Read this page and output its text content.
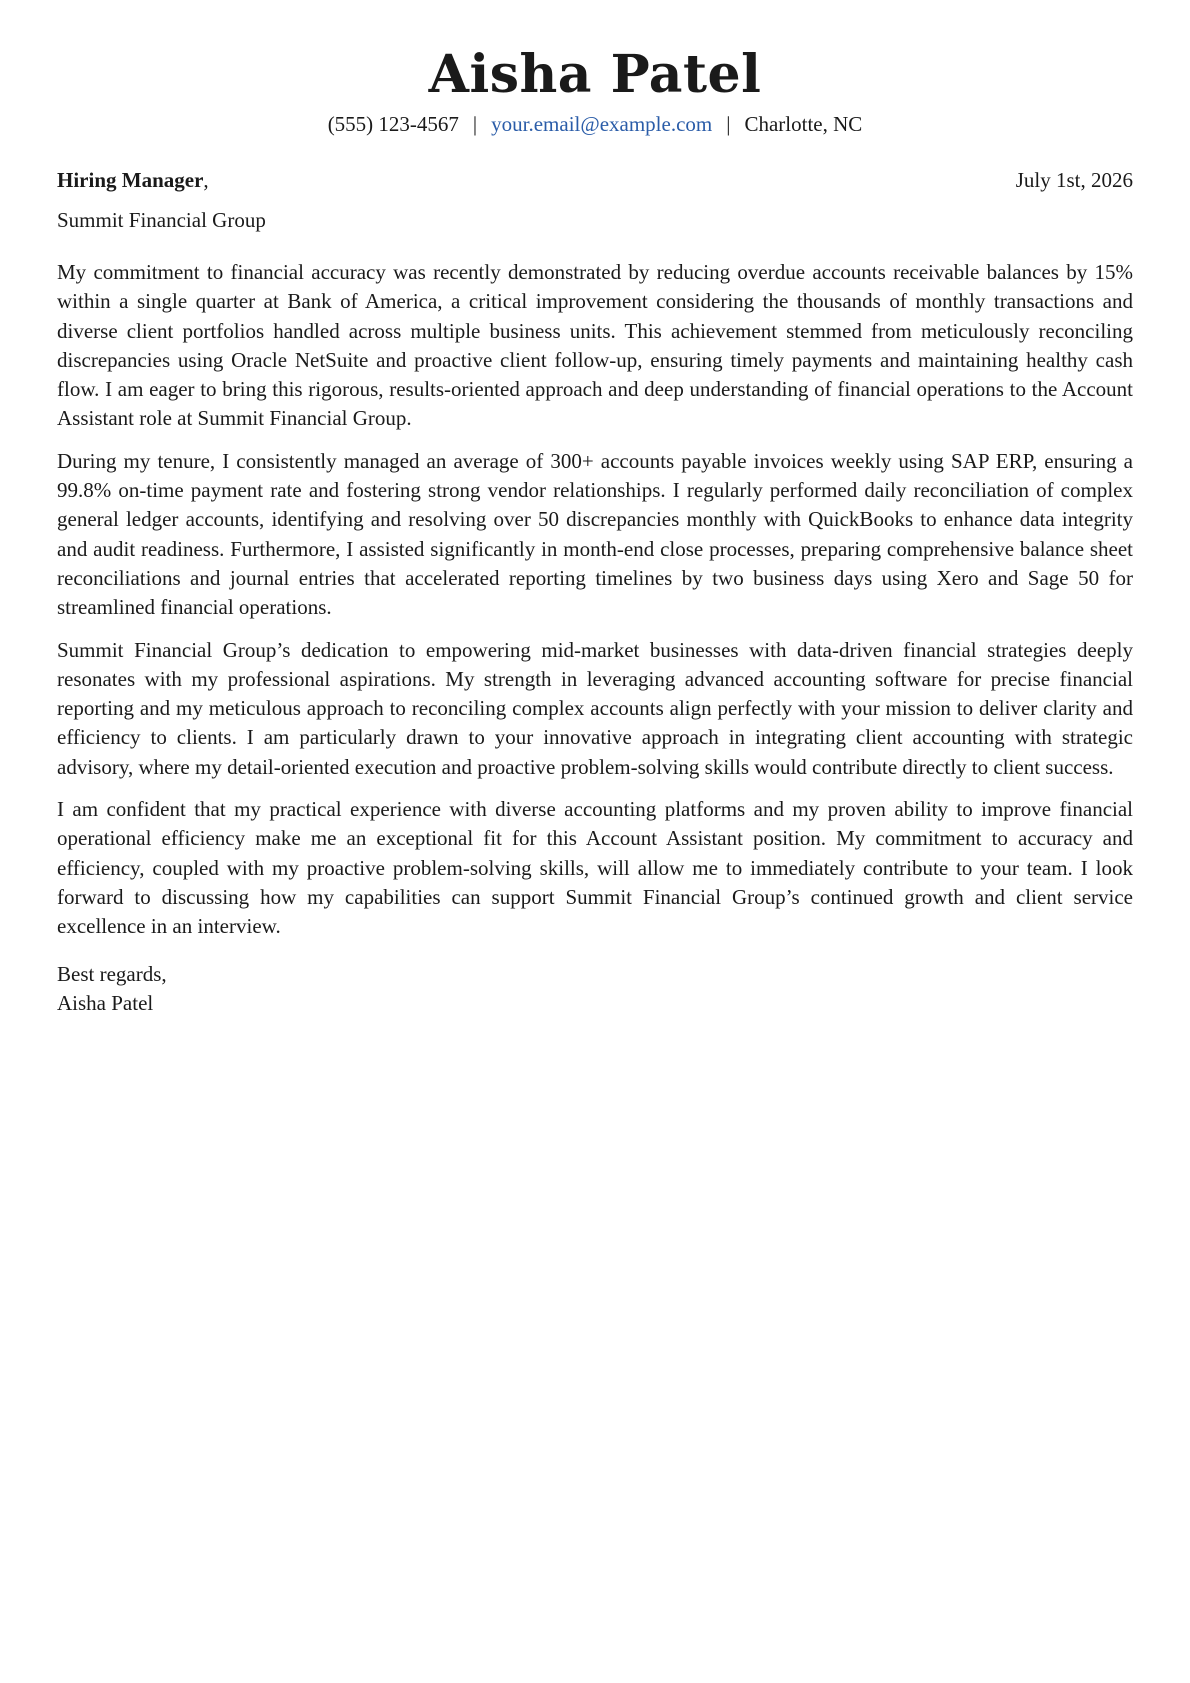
Aisha Patel
(555) 123-4567 | your.email@example.com | Charlotte, NC
Hiring Manager,	July 1st, 2026
Summit Financial Group

My commitment to financial accuracy was recently demonstrated by reducing overdue accounts receivable balances by 15% within a single quarter at Bank of America, a critical improvement considering the thousands of monthly transactions and diverse client portfolios handled across multiple business units. This achievement stemmed from meticulously reconciling discrepancies using Oracle NetSuite and proactive client follow-up, ensuring timely payments and maintaining healthy cash flow. I am eager to bring this rigorous, results-oriented approach and deep understanding of financial operations to the Account Assistant role at Summit Financial Group.

During my tenure, I consistently managed an average of 300+ accounts payable invoices weekly using SAP ERP, ensuring a 99.8% on-time payment rate and fostering strong vendor relationships. I regularly performed daily reconciliation of complex general ledger accounts, identifying and resolving over 50 discrepancies monthly with QuickBooks to enhance data integrity and audit readiness. Furthermore, I assisted significantly in month-end close processes, preparing comprehensive balance sheet reconciliations and journal entries that accelerated reporting timelines by two business days using Xero and Sage 50 for streamlined financial operations.

Summit Financial Group’s dedication to empowering mid-market businesses with data-driven financial strategies deeply resonates with my professional aspirations. My strength in leveraging advanced accounting software for precise financial reporting and my meticulous approach to reconciling complex accounts align perfectly with your mission to deliver clarity and efficiency to clients. I am particularly drawn to your innovative approach in integrating client accounting with strategic advisory, where my detail-oriented execution and proactive problem-solving skills would contribute directly to client success.

I am confident that my practical experience with diverse accounting platforms and my proven ability to improve financial operational efficiency make me an exceptional fit for this Account Assistant position. My commitment to accuracy and efficiency, coupled with my proactive problem-solving skills, will allow me to immediately contribute to your team. I look forward to discussing how my capabilities can support Summit Financial Group’s continued growth and client service excellence in an interview.

Best regards,
Aisha Patel
